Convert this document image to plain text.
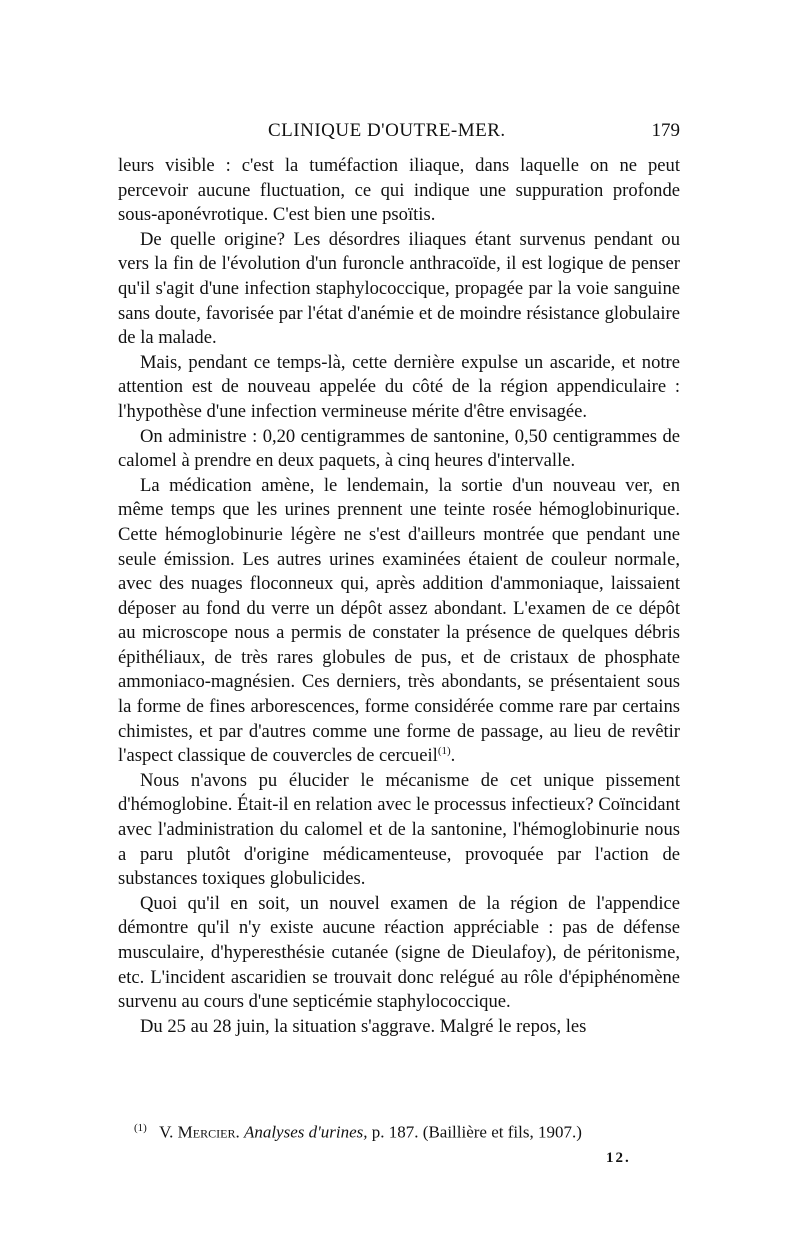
CLINIQUE D'OUTRE-MER.	179

leurs visible : c'est la tuméfaction iliaque, dans laquelle on ne peut percevoir aucune fluctuation, ce qui indique une suppuration profonde sous-aponévrotique. C'est bien une psoïtis.

De quelle origine? Les désordres iliaques étant survenus pendant ou vers la fin de l'évolution d'un furoncle anthracoïde, il est logique de penser qu'il s'agit d'une infection staphylococcique, propagée par la voie sanguine sans doute, favorisée par l'état d'anémie et de moindre résistance globulaire de la malade.

Mais, pendant ce temps-là, cette dernière expulse un ascaride, et notre attention est de nouveau appelée du côté de la région appendiculaire : l'hypothèse d'une infection vermineuse mérite d'être envisagée.

On administre : 0,20 centigrammes de santonine, 0,50 centigrammes de calomel à prendre en deux paquets, à cinq heures d'intervalle.

La médication amène, le lendemain, la sortie d'un nouveau ver, en même temps que les urines prennent une teinte rosée hémoglobinurique. Cette hémoglobinurie légère ne s'est d'ailleurs montrée que pendant une seule émission. Les autres urines examinées étaient de couleur normale, avec des nuages floconneux qui, après addition d'ammoniaque, laissaient déposer au fond du verre un dépôt assez abondant. L'examen de ce dépôt au microscope nous a permis de constater la présence de quelques débris épithéliaux, de très rares globules de pus, et de cristaux de phosphate ammoniaco-magnésien. Ces derniers, très abondants, se présentaient sous la forme de fines arborescences, forme considérée comme rare par certains chimistes, et par d'autres comme une forme de passage, au lieu de revêtir l'aspect classique de couvercles de cercueil$^{(1)}$.

Nous n'avons pu élucider le mécanisme de cet unique pissement d'hémoglobine. Était-il en relation avec le processus infectieux? Coïncidant avec l'administration du calomel et de la santonine, l'hémoglobinurie nous a paru plutôt d'origine médicamenteuse, provoquée par l'action de substances toxiques globulicides.

Quoi qu'il en soit, un nouvel examen de la région de l'appendice démontre qu'il n'y existe aucune réaction appréciable : pas de défense musculaire, d'hyperesthésie cutanée (signe de Dieulafoy), de péritonisme, etc. L'incident ascaridien se trouvait donc relégué au rôle d'épiphénomène survenu au cours d'une septicémie staphylococcique.

Du 25 au 28 juin, la situation s'aggrave. Malgré le repos, les

$^{(1)}$ V. Mercier. Analyses d'urines, p. 187. (Baillière et fils, 1907.)
12.
